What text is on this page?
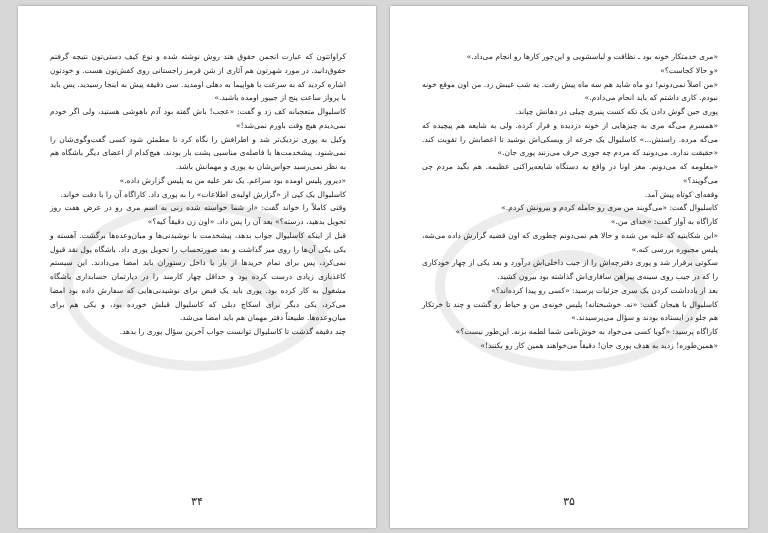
کراواتتون که عبارت انجمن حقوق هند روش نوشته شده و نوع کیف دستی‌تون نتیجه گرفتم حقوق‌دانید. در مورد شهرتون هم آثاری از شن قرمز راجستانی روی کفش‌تون هست. و خودتون اشاره کردید که به سرعت با هواپیما به دهلی اومدید. سی دقیقه پیش به اینجا رسیدید. پس باید با پرواز ساعت پنج از جیپور اومده باشید.»

کاسلیوال متعجبانه کف زد و گفت: «عجب! باش گفته بود آدم باهوشی هستید، ولی اگر خودم نمی‌دیدم هیچ وقت باورم نمی‌شد!»

وکیل به پوری نزدیک‌تر شد و اطرافش را نگاه کرد تا مطمئن شود کسی گفت‌وگوی‌شان را نمی‌شنود. پیشخدمت‌ها با فاصله‌ی مناسبی پشت بار بودند. هیچ‌کدام از اعضای دیگر باشگاه هم به نظر نمی‌رسید حواس‌شان به پوری و مهمانش باشد.

«دیروز پلیس اومده بود سراغم. یک نفر علیه من به پلیس گزارش داده.»

کاسلیوال یک کپی از «گزارش اولیه‌ی اطلاعات» را به پوری داد. کاراگاه آن را با دقت خواند.

وقتی کاملاً را خواند گفت: «از شما خواسته شده زنی به اسم مری رو در عرض هفت روز تحویل بدهید، درسته؟» بعد آن را پس داد. «اون زن دقیقاً کیه؟»

قبل از اینکه کاسلیوال جواب بدهد، پیشخدمت با نوشیدنی‌ها و میان‌وعده‌ها برگشت. آهسته و یکی یکی آن‌ها را روی میز گذاشت و بعد صورتحساب را تحویل پوری داد. باشگاه پول نقد قبول نمی‌کرد، پس برای تمام خریدها از بار یا داخل رستوران باید امضا می‌دادند. این سیستم کاغذبازی زیادی درست کرده بود و حداقل چهار کارمند را در دپارتمان حسابداری باشگاه مشغول به کار کرده بود. پوری باید یک قبض برای نوشیدنی‌هایی که سفارش داده بود امضا می‌کرد، یکی دیگر برای اسکاچ دبلی که کاسلیوال قبلش خورده بود، و یکی هم برای میان‌وعده‌ها. طبیعتاً دفتر مهمان هم باید امضا می‌شد.

چند دقیقه گذشت تا کاسلیوال توانست جواب آخرین سؤال پوری را بدهد.

۳۴

«مری خدمتکار خونه بود ـ نظافت و لباسشویی و این‌جور کارها رو انجام می‌داد.»

«و حالا کجاست؟»

«من اصلاً نمی‌دونم! دو ماه شاید هم سه ماه پیش رفت. یه شب غیبش زد. من اون موقع خونه نبودم. کاری داشتم که باید انجام می‌دادم.»

پوری حین گوش دادن یک تکه کست پنیری چیلی در دهانش چپاند.

«همسرم می‌گه مری به چیزهایی از خونه دزدیده و فرار کرده. ولی به شایعه هم پیچیده که می‌گه مرده. راستش...» کاسلیوال یک جرعه از ویسکی‌اش نوشید تا اعصابش را تقویت کند. «حقیقت نداره. می‌دونید که مردم چه جوری حرف می‌زنند پوری جان.»

«معلومه که می‌دونم. مغز اونا در واقع یه دستگاه شایعه‌پراکنی عظیمه. هم بگید مردم چی می‌گویند؟»

وقفه‌ای کوتاه پیش آمد.

کاسلیوال گفت: «می‌گویند من مری رو حامله کردم و بیرونش کردم.»

کاراگاه به آواز گفت: «خدای من.»

«این شکایتیه که علیه من شده و حالا هم نمی‌دونم چطوری که اون قضیه گزارش داده می‌شه، پلیس مجبوره بررسی کنه.»

سکوتی برقرار شد و پوری دفترچه‌اش را از جیب داخلی‌اش درآورد و بعد یکی از چهار خودکاری را که در جیب روی سینه‌ی پیراهن سافاری‌اش گذاشته بود بیرون کشید.

بعد از یادداشت کردن یک سری جزئیات پرسید: «کسی رو پیدا کرده‌اند؟»

کاسلیوال با هیجان گفت: «نه. خوشبختانه! پلیس خونه‌ی من و حیاط رو گشت و چند تا خرتکار هم جلو در ایستاده بودند و سؤال می‌پرسیدند.»

کاراگاه پرسید: «گویا کسی می‌خواد به خوش‌نامی شما لطمه بزنه. این‌طور نیست؟»

«همین‌طوره! زدید به هدف پوری جان! دقیقاً می‌خواهند همین کار رو بکنند!»

۳۵
